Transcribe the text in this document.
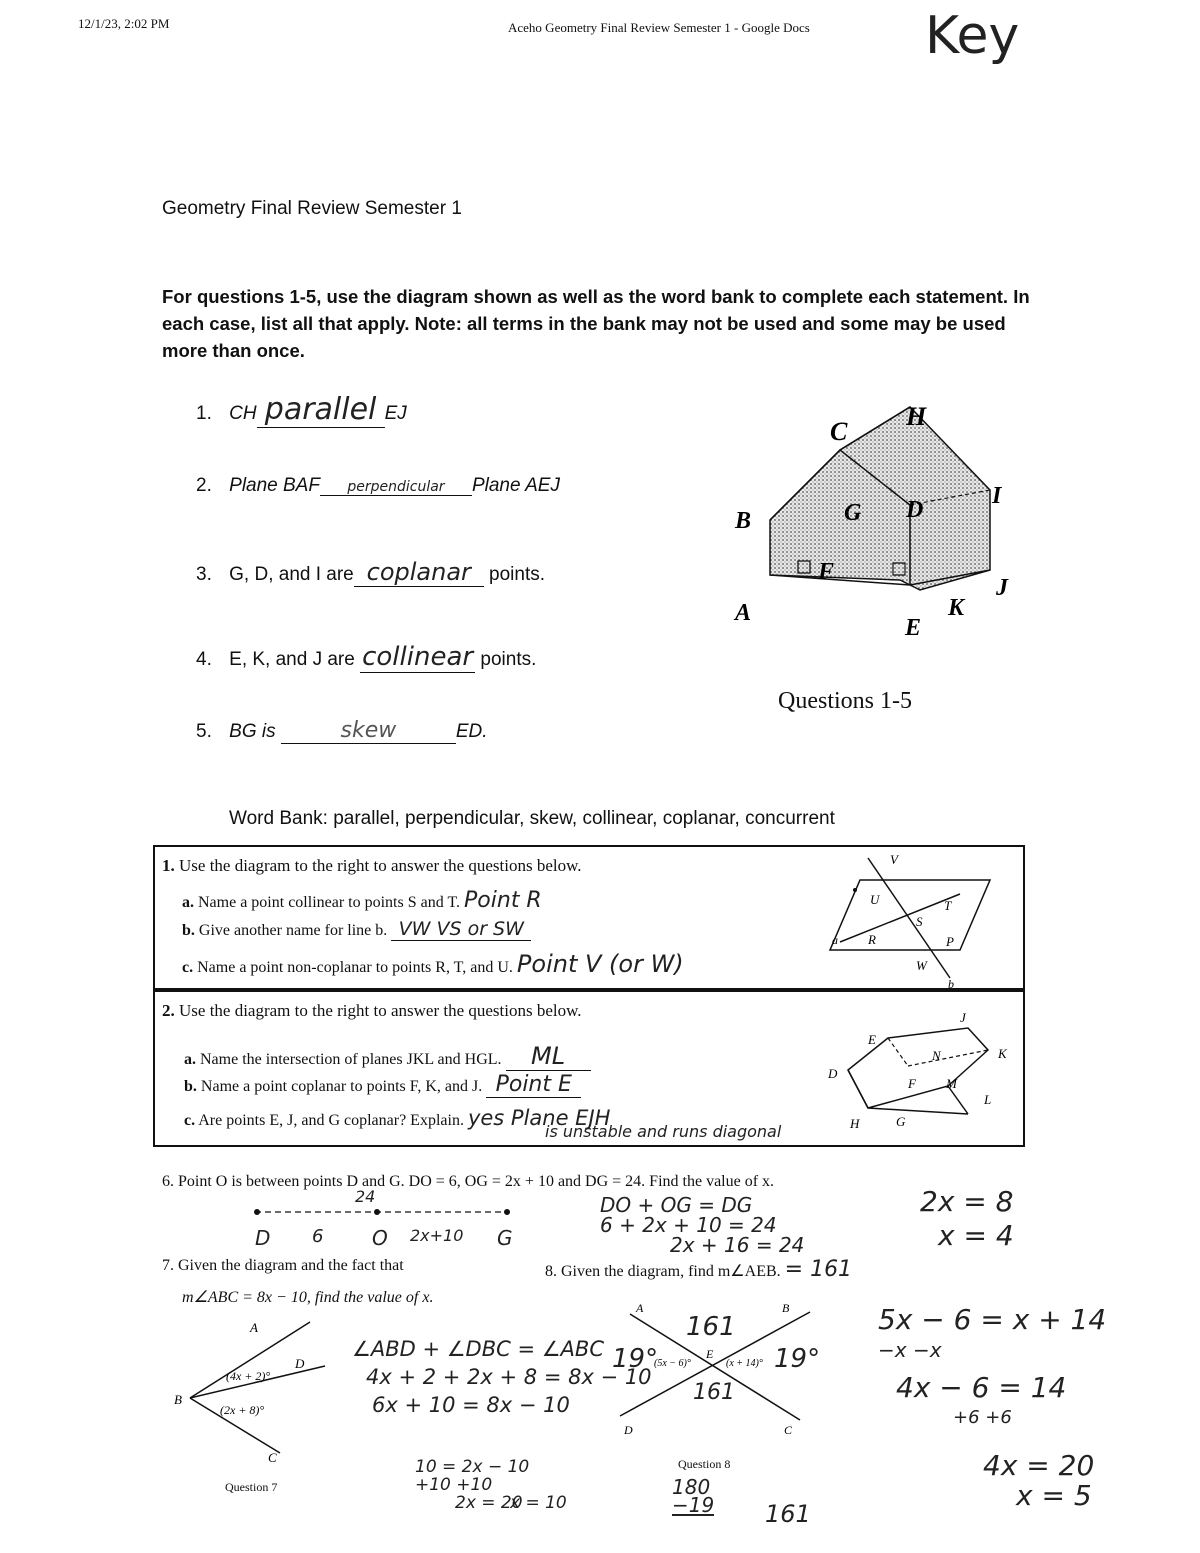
12/1/23, 2:02 PM	Aceho Geometry Final Review Semester 1 - Google Docs Key
Geometry Final Review Semester 1
For questions 1-5, use the diagram shown as well as the word bank to complete each statement. In each case, list all that apply. Note: all terms in the bank may not be used and some may be used more than once.
1. CH parallel EJ
2. Plane BAF perpendicular Plane AEJ
3. G, D, and I are coplanar points.
4. E, K, and J are collinear points.
5. BG is	skew	ED.
Word Bank: parallel, perpendicular, skew, collinear, coplanar, concurrent
H
C
B	G D
I
F
J
K
A
E
Questions 1-5
1. Use the diagram to the right to answer the questions below.
a. Name a point collinear to points S and T. Point R
b. Give another name for line b. VW VS or SW
c. Name a point non-coplanar to points R, T, and U. Point V (or W)
V
U
S
T
R	P
W
a
b
2. Use the diagram to the right to answer the questions below.
a. Name the intersection of planes JKL and HGL. ML
b. Name a point coplanar to points F, K, and J. Point E
c. Are points E, J, and G coplanar? Explain. yes Plane EJH
is unstable and runs diagonal
E
J
K
D
N
F M
L
H	G
6. Point O is between points D and G. DO = 6, OG = 2x + 10 and DG = 24. Find the value of x.
24
D 6 O 2x+10 G
DO + OG = DG
6 + 2x + 10 = 24
2x + 16 = 24
2x = 8
x = 4
7. Given the diagram and the fact that
m∠ABC = 8x − 10, find the value of x.
A
D
B
C
(4x + 2)°
(2x + 8)°
Question 7
∠ABD + ∠DBC = ∠ABC
4x + 2 + 2x + 8 = 8x − 10
6x + 10 = 8x − 10
10 = 2x − 10
+10 +10
2x = 20
x = 10
8. Given the diagram, find m∠AEB. = 161
A	B
E
D	C
(5x − 6)°	(x + 14)°
161
19°	19°
161
Question 8
180
−19 161
5x − 6 = x + 14
−x −x
4x − 6 = 14
+6 +6
4x = 20
x = 5
